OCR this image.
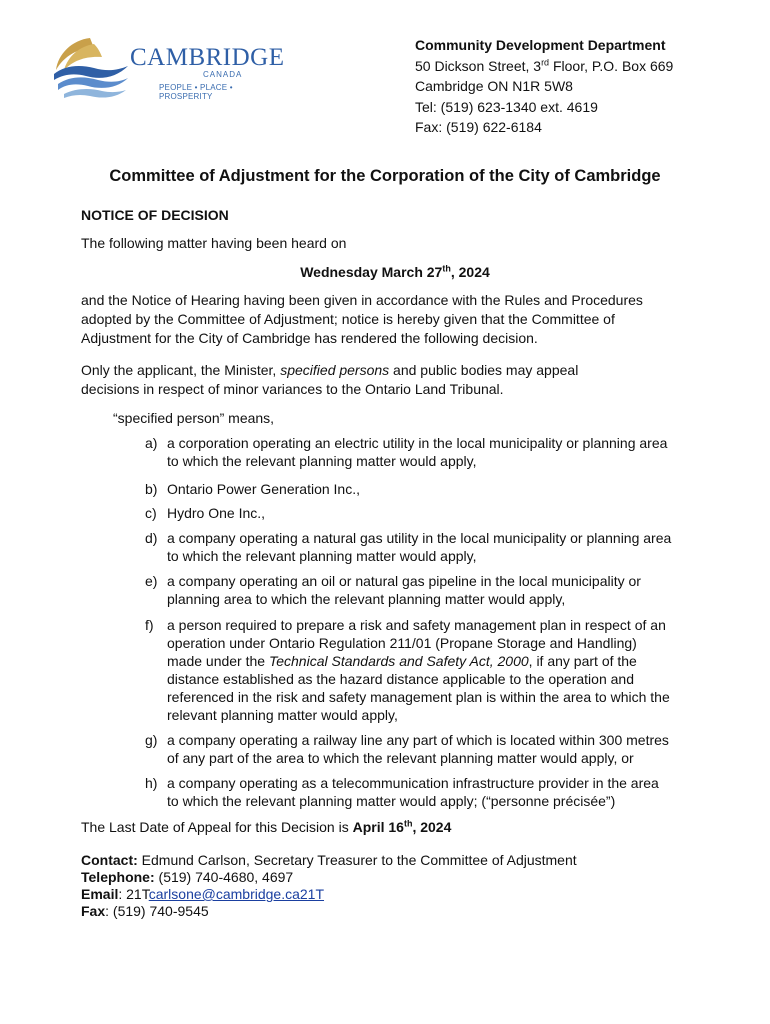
CAMBRIDGE
CANADA
PEOPLE • PLACE • PROSPERITY
Community Development Department
50 Dickson Street, 3rd Floor, P.O. Box 669
Cambridge ON N1R 5W8
Tel: (519) 623-1340 ext. 4619
Fax: (519) 622-6184
Committee of Adjustment for the Corporation of the City of Cambridge
NOTICE OF DECISION
The following matter having been heard on
Wednesday March 27th, 2024
and the Notice of Hearing having been given in accordance with the Rules and Procedures
adopted by the Committee of Adjustment; notice is hereby given that the Committee of
Adjustment for the City of Cambridge has rendered the following decision.
Only the applicant, the Minister, specified persons and public bodies may appeal
decisions in respect of minor variances to the Ontario Land Tribunal.
“specified person” means,
a) a corporation operating an electric utility in the local municipality or planning area
to which the relevant planning matter would apply,
b) Ontario Power Generation Inc.,
c) Hydro One Inc.,
d) a company operating a natural gas utility in the local municipality or planning area
to which the relevant planning matter would apply,
e) a company operating an oil or natural gas pipeline in the local municipality or
planning area to which the relevant planning matter would apply,
f) a person required to prepare a risk and safety management plan in respect of an
operation under Ontario Regulation 211/01 (Propane Storage and Handling)
made under the Technical Standards and Safety Act, 2000, if any part of the
distance established as the hazard distance applicable to the operation and
referenced in the risk and safety management plan is within the area to which the
relevant planning matter would apply,
g) a company operating a railway line any part of which is located within 300 metres
of any part of the area to which the relevant planning matter would apply, or
h) a company operating as a telecommunication infrastructure provider in the area
to which the relevant planning matter would apply; (“personne précisée”)
The Last Date of Appeal for this Decision is April 16th, 2024
Contact: Edmund Carlson, Secretary Treasurer to the Committee of Adjustment
Telephone: (519) 740-4680, 4697
Email: 21Tcarlsone@cambridge.ca21T
Fax: (519) 740-9545
